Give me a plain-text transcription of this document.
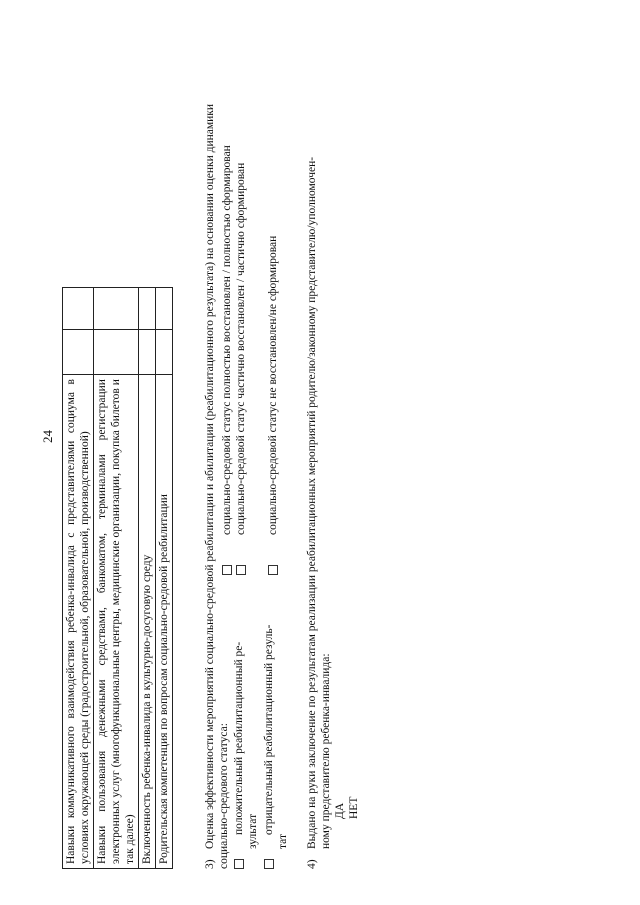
24 Навыки коммуникативного взаимодействия ребенка-инвалида с представителями социума в условиях окружающей среды (градостроительной, образовательной, производственной)		
Навыки пользования денежными средствами, банкоматом, терминалами регистрации электронных услуг (многофункциональные центры, медицинские организации, покупка билетов и так далее)		
Включенность ребенка-инвалида в культурно-досуговую среду		
Родительская компетенция по вопросам социально-средовой реабилитации		
3)Оценка эффективности мероприятий социально-средовой реабилитации и абилитации (реабилитационного результата) на основании оценки динамики социально-средового статуса: положительный реабилитационный ре- зультат
социально-средовой статус полностью восстановлен / полностью сформирован социально-средовой статус частично восстановлен / частично сформирован
отрицательный реабилитационный резуль-
тат
социально-средовой статус не восстановлен/не сформирован
4)Выдано на руки заключение по результатам реализации реабилитационных мероприятий родителю/законному представителю/уполномочен- ному представителю ребенка-инвалида: ДА НЕТ
